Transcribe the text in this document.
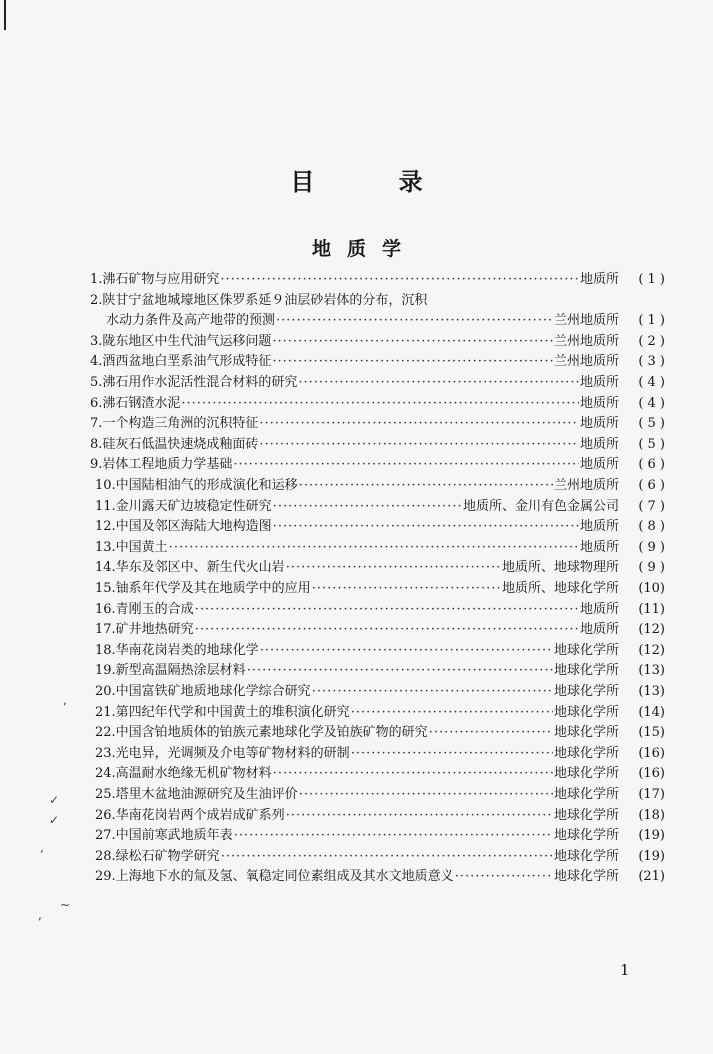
目 录
地质学
1.沸石矿物与应用研究 ·····	地质所	( 1 )
2.陕甘宁盆地城壕地区侏罗系延９油层砂岩体的分布，沉积
水动力条件及高产地带的预测 ·····	兰州地质所	( 1 )
3.陇东地区中生代油气运移问题 ·····	兰州地质所	( 2 )
4.酒西盆地白垩系油气形成特征 ·····	兰州地质所	( 3 )
5.沸石用作水泥活性混合材料的研究 ·····	地质所	( 4 )
6.沸石钢渣水泥 ·····	地质所	( 4 )
7.一个构造三角洲的沉积特征 ·····	地质所	( 5 )
8.硅灰石低温快速烧成釉面砖 ·····	地质所	( 5 )
9.岩体工程地质力学基础 ·····	地质所	( 6 )
10.中国陆相油气的形成演化和运移 ·····	兰州地质所	( 6 )
11.金川露天矿边坡稳定性研究 ·····	地质所、金川有色金属公司	( 7 )
12.中国及邻区海陆大地构造图 ·····	地质所	( 8 )
13.中国黄土 ·····	地质所	( 9 )
14.华东及邻区中、新生代火山岩 ·····	地质所、地球物理所	( 9 )
15.铀系年代学及其在地质学中的应用 ·····	地质所、地球化学所	(10)
16.青刚玉的合成 ·····	地质所	(11)
17.矿井地热研究 ·····	地质所	(12)
18.华南花岗岩类的地球化学 ·····	地球化学所	(12)
19.新型高温隔热涂层材料 ·····	地球化学所	(13)
20.中国富铁矿地质地球化学综合研究 ·····	地球化学所	(13)
21.第四纪年代学和中国黄土的堆积演化研究 ·····	地球化学所	(14)
22.中国含铂地质体的铂族元素地球化学及铂族矿物的研究 ·····	地球化学所	(15)
23.光电异，光调频及介电等矿物材料的研制 ·····	地球化学所	(16)
24.高温耐水绝缘无机矿物材料 ·····	地球化学所	(16)
25.塔里木盆地油源研究及生油评价 ·····	地球化学所	(17)
26.华南花岗岩两个成岩成矿系列 ·····	地球化学所	(18)
27.中国前寒武地质年表 ·····	地球化学所	(19)
28.绿松石矿物学研究 ·····	地球化学所	(19)
29.上海地下水的氚及氢、氧稳定同位素组成及其水文地质意义 ·····	地球化学所	(21)
,
✓
✓
’
~
,
1
